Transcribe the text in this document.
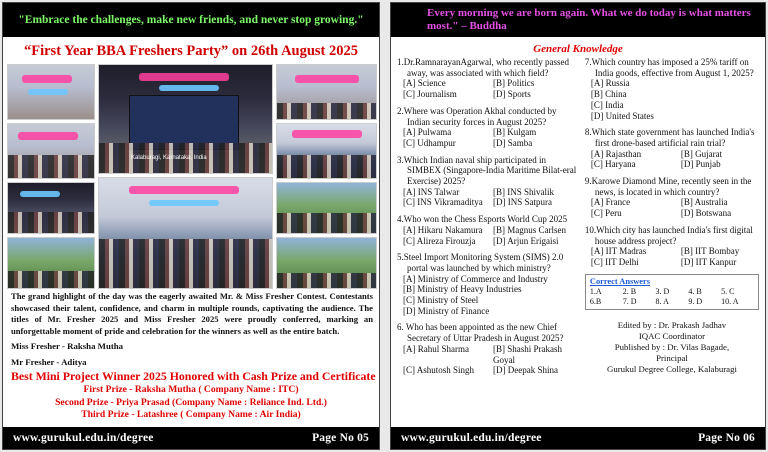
"Embrace the challenges, make new friends, and never stop growing."
“First Year BBA Freshers Party” on 26th August 2025
Kalaburagi, Karnataka, India

The grand highlight of the day was the eagerly awaited Mr. & Miss Fresher Contest. Contestants showcased their talent, confidence, and charm in multiple rounds, captivating the audience. The titles of Mr. Fresher 2025 and Miss Fresher 2025 were proudly conferred, marking an unforgettable moment of pride and celebration for the winners as well as the entire batch.

Miss Fresher - Raksha Mutha
Mr Fresher - Aditya
Best Mini Project Winner 2025 Honored with Cash Prize and Certificate
First Prize - Raksha Mutha ( Company Name : ITC)
Second Prize - Priya Prasad (Company Name : Reliance Ind. Ltd.)
Third Prize - Latashree ( Company Name : Air India)
www.gurukul.edu.in/degree	Page No 05
Every morning we are born again. What we do today is what matters most." – Buddha
General Knowledge
1.Dr.RamnarayanAgarwal, who recently passed away, was associated with which field?
[A] Science	[B] Politics
[C] Journalism	[D] Sports
2.Where was Operation Akhal conducted by Indian security forces in August 2025?
[A] Pulwama	[B] Kulgam
[C] Udhampur	[D] Samba
3.Which Indian naval ship participated in SIMBEX (Singapore-India Maritime Bilat-eral Exercise) 2025?
[A] INS Talwar	[B] INS Shivalik
[C] INS Vikramaditya	[D] INS Satpura
4.Who won the Chess Esports World Cup 2025
[A] Hikaru Nakamura	[B] Magnus Carlsen
[C] Alireza Firouzja	[D] Arjun Erigaisi
5.Steel Import Monitoring System (SIMS) 2.0 portal was launched by which ministry?
[A] Ministry of Commerce and Industry
[B] Ministry of Heavy Industries
[C] Ministry of Steel
[D] Ministry of Finance
6. Who has been appointed as the new Chief Secretary of Uttar Pradesh in August 2025?
[A] Rahul Sharma	[B] Shashi Prakash Goyal
[C] Ashutosh Singh	[D] Deepak Shina
7.Which country has imposed a 25% tariff on India goods, effective from August 1, 2025?
[A] Russia
[B] China
[C] India
[D] United States
8.Which state government has launched India's first drone-based artificial rain trial?
[A] Rajasthan	[B] Gujarat
[C] Haryana	[D] Punjab
9.Karowe Diamond Mine, recently seen in the news, is located in which country?
[A] France	[B] Australia
[C] Peru	[D] Botswana
10.Which city has launched India's first digital house address project?
[A] IIT Madras	[B] IIT Bombay
[C] IIT Delhi	[D] IIT Kanpur
Correct Answers
1.A	2. B	3. D	4. B	5. C
6.B	7. D	8. A	9. D	10. A
Edited by : Dr. Prakash Jadhav
IQAC Coordinator
Published by : Dr. Vilas Bagade,
Principal
Gurukul Degree College, Kalaburagi
www.gurukul.edu.in/degree	Page No 06
